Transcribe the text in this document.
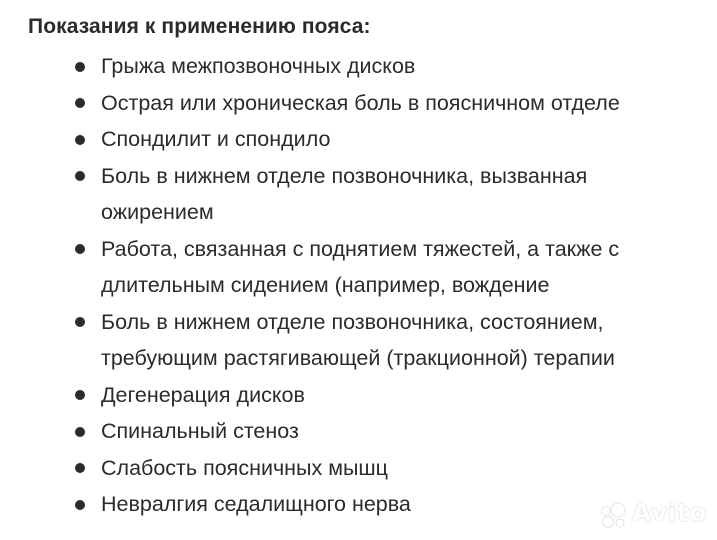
Показания к применению пояса:
Грыжа межпозвоночных дисков
Острая или хроническая боль в поясничном отделе
Спондилит и спондило
Боль в нижнем отделе позвоночника, вызванная ожирением
Работа, связанная с поднятием тяжестей, а также с длительным сидением (например, вождение
Боль в нижнем отделе позвоночника, состоянием, требующим растягивающей (тракционной) терапии
Дегенерация дисков
Спинальный стеноз
Слабость поясничных мышц
Невралгия седалищного нерва	Avito
